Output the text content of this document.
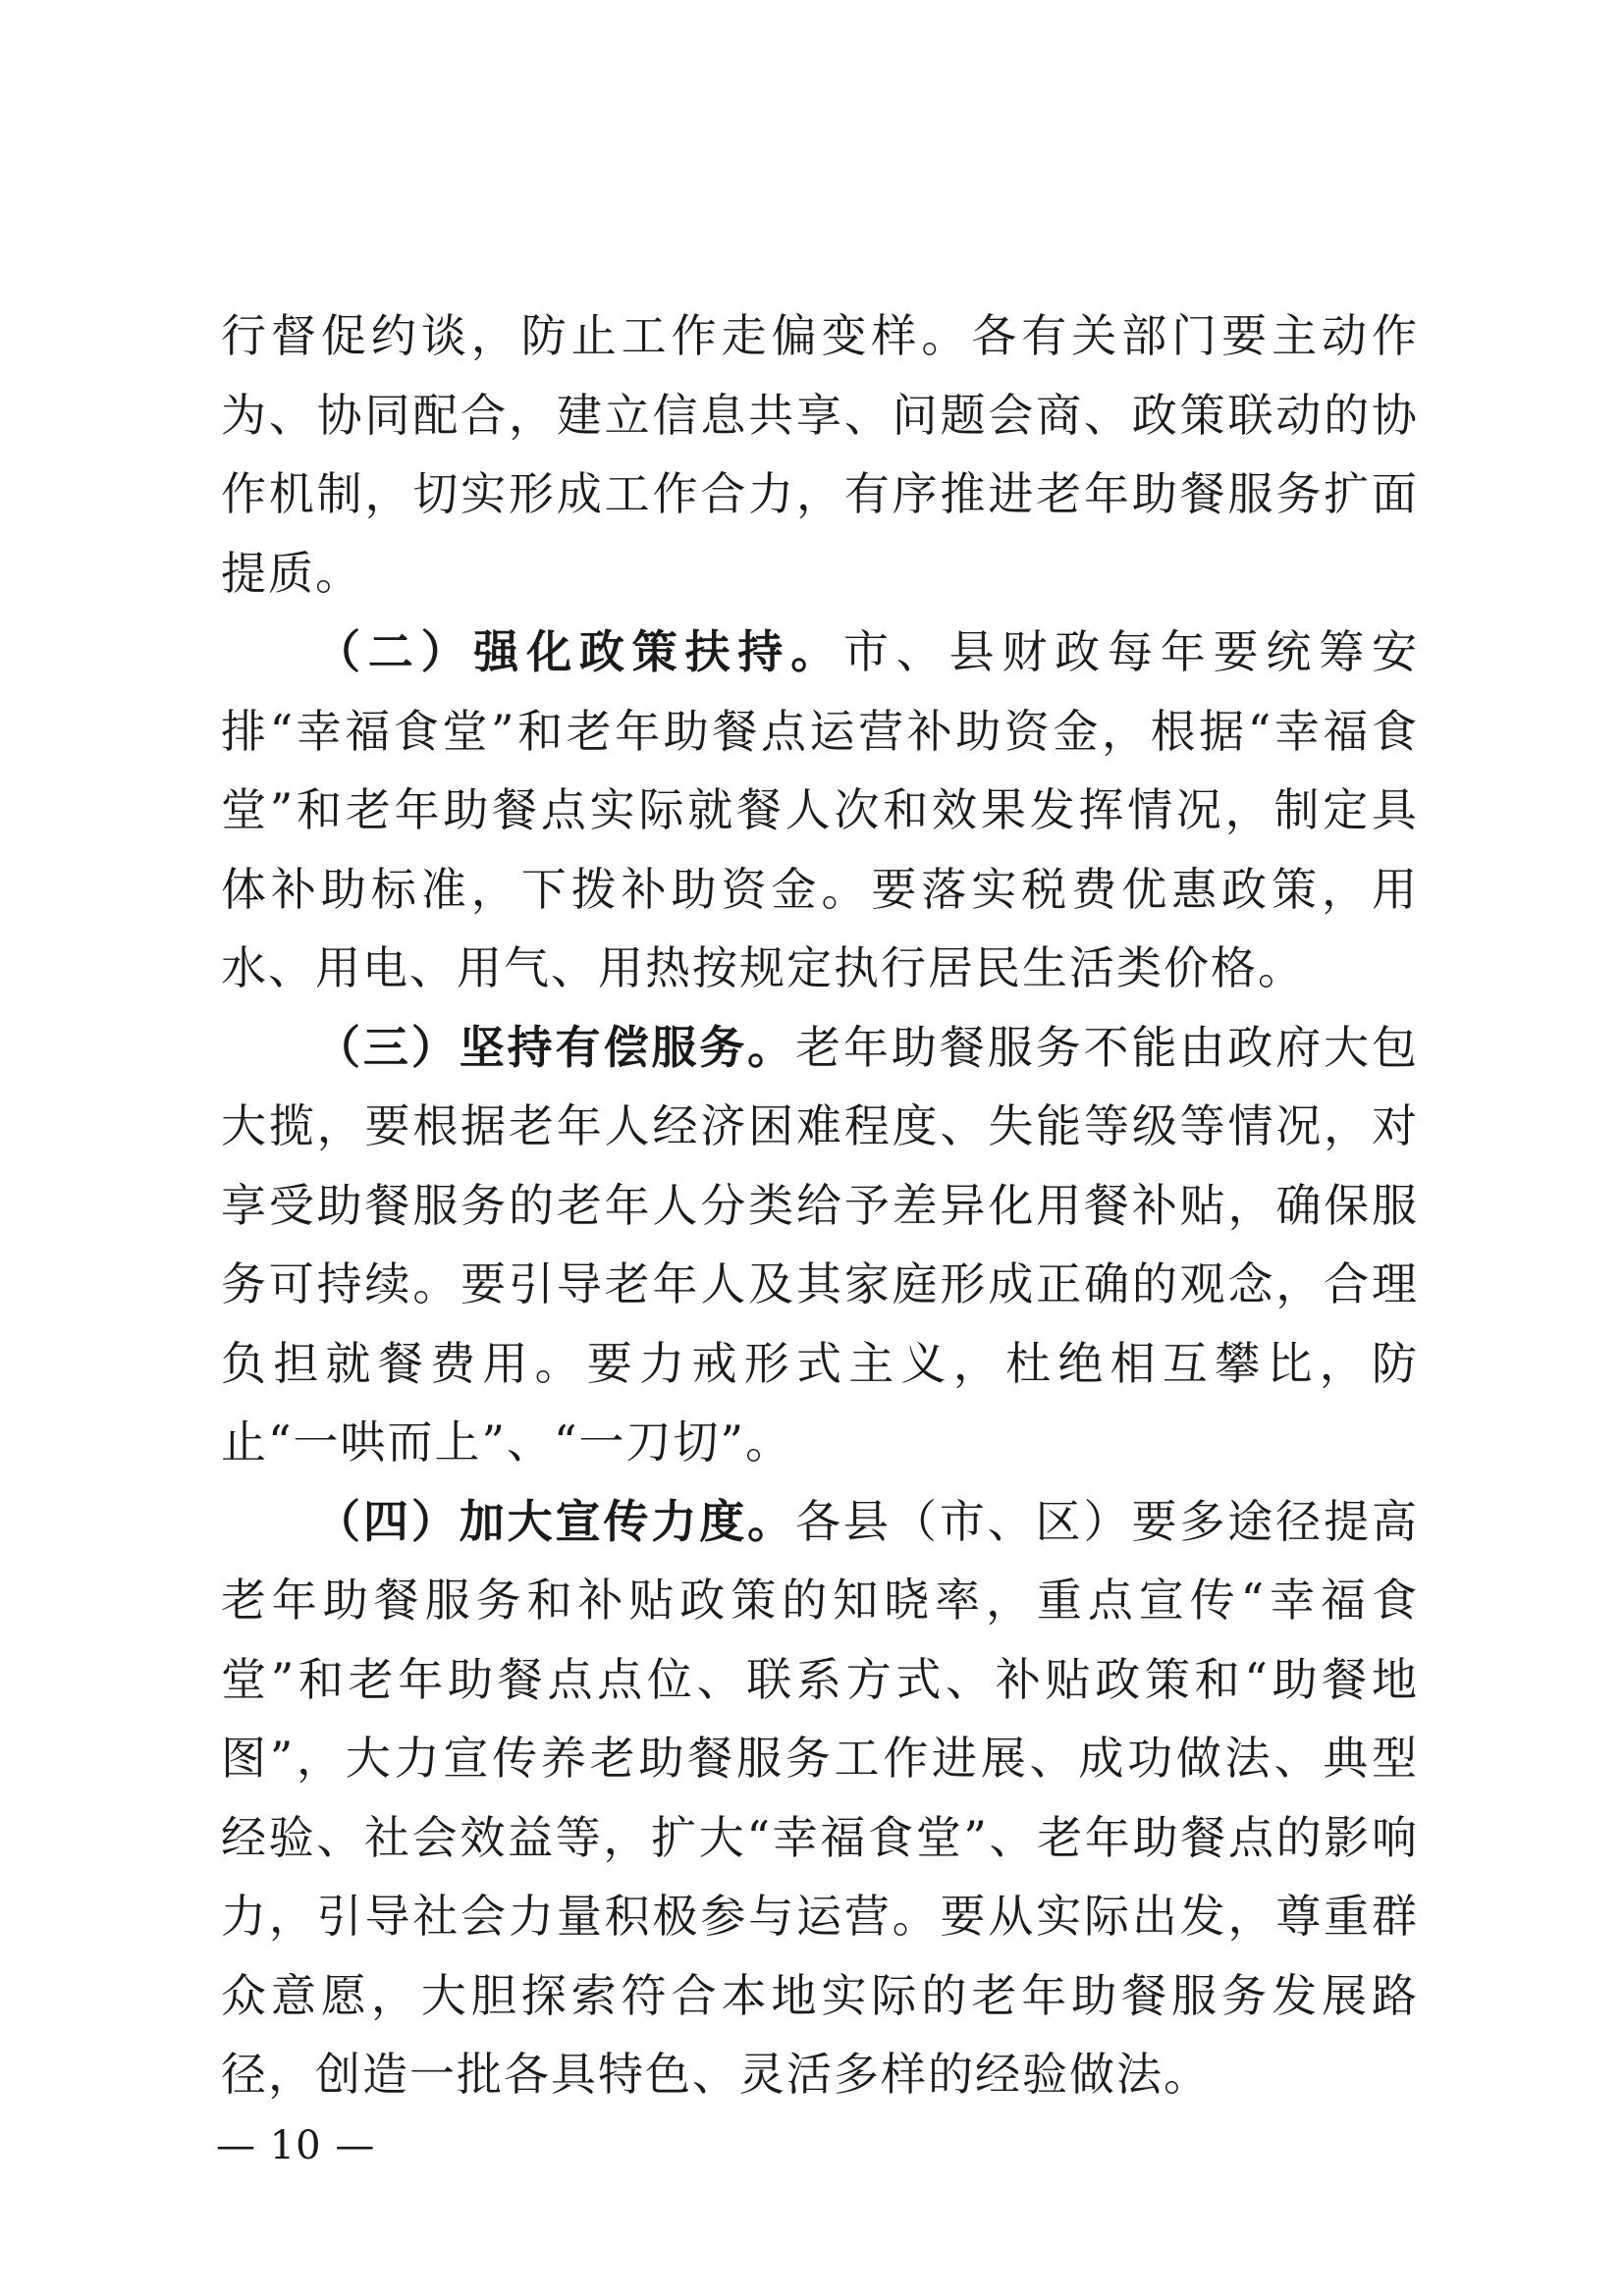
行督促约谈，防止工作走偏变样。各有关部门要主动作为、协同配合，建立信息共享、问题会商、政策联动的协作机制，切实形成工作合力，有序推进老年助餐服务扩面提质。

（二）强化政策扶持。市、县财政每年要统筹安排“幸福食堂”和老年助餐点运营补助资金，根据“幸福食堂”和老年助餐点实际就餐人次和效果发挥情况，制定具体补助标准，下拨补助资金。要落实税费优惠政策，用水、用电、用气、用热按规定执行居民生活类价格。

（三）坚持有偿服务。老年助餐服务不能由政府大包大揽，要根据老年人经济困难程度、失能等级等情况，对享受助餐服务的老年人分类给予差异化用餐补贴，确保服务可持续。要引导老年人及其家庭形成正确的观念，合理负担就餐费用。要力戒形式主义，杜绝相互攀比，防止“一哄而上”、“一刀切”。

（四）加大宣传力度。各县（市、区）要多途径提高老年助餐服务和补贴政策的知晓率，重点宣传“幸福食堂”和老年助餐点点位、联系方式、补贴政策和“助餐地图”，大力宣传养老助餐服务工作进展、成功做法、典型经验、社会效益等，扩大“幸福食堂”、老年助餐点的影响力，引导社会力量积极参与运营。要从实际出发，尊重群众意愿，大胆探索符合本地实际的老年助餐服务发展路径，创造一批各具特色、灵活多样的经验做法。

— 10 —
